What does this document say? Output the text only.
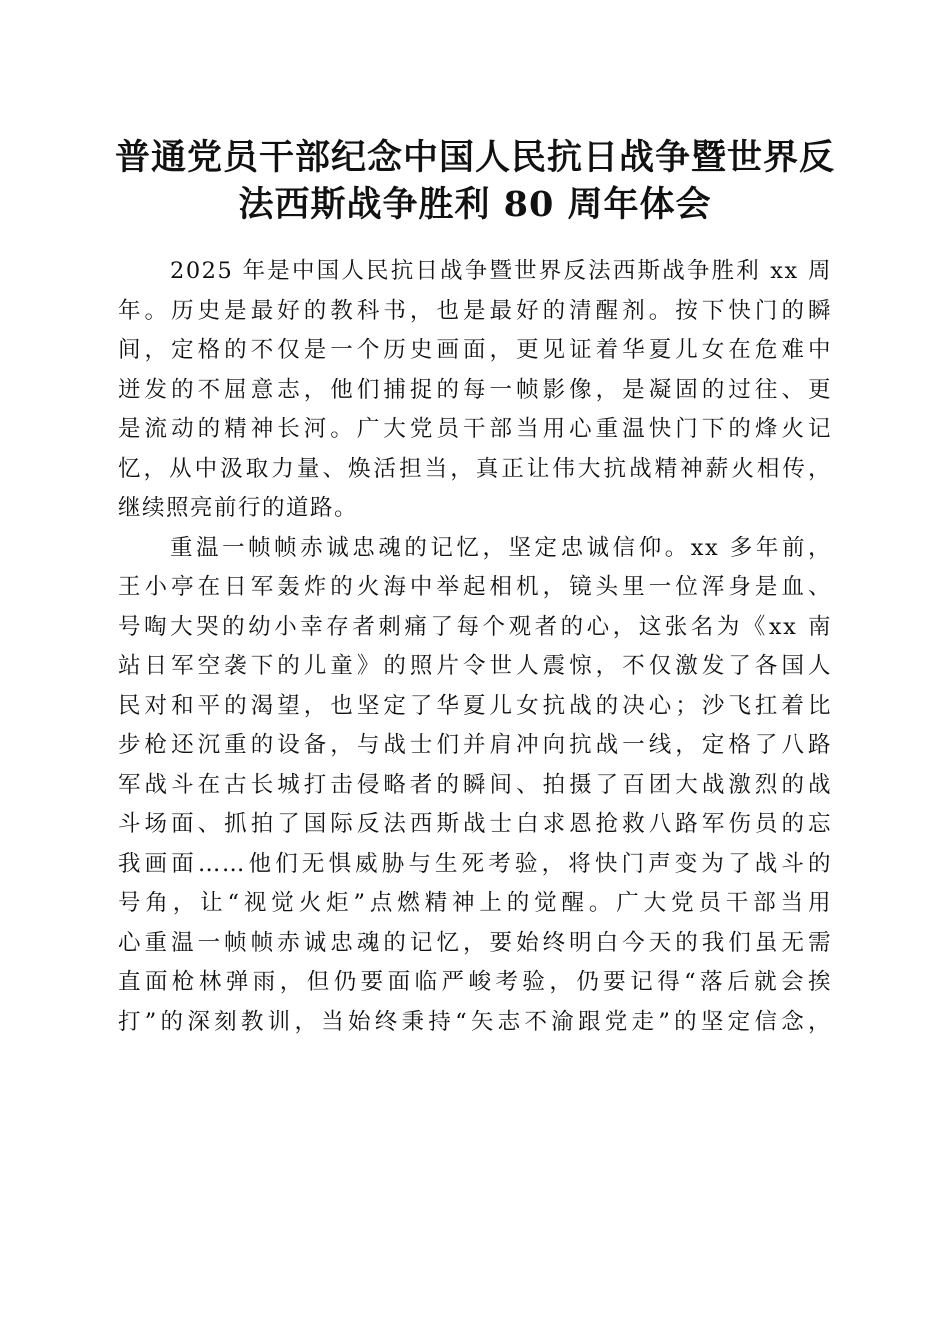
普通党员干部纪念中国人民抗日战争暨世界反
法西斯战争胜利 80 周年体会

2025 年是中国人民抗日战争暨世界反法西斯战争胜利 xx 周
年。历史是最好的教科书，也是最好的清醒剂。按下快门的瞬
间，定格的不仅是一个历史画面，更见证着华夏儿女在危难中
迸发的不屈意志，他们捕捉的每一帧影像，是凝固的过往、更
是流动的精神长河。广大党员干部当用心重温快门下的烽火记
忆，从中汲取力量、焕活担当，真正让伟大抗战精神薪火相传，
继续照亮前行的道路。

重温一帧帧赤诚忠魂的记忆，坚定忠诚信仰。xx 多年前，
王小亭在日军轰炸的火海中举起相机，镜头里一位浑身是血、
号啕大哭的幼小幸存者刺痛了每个观者的心，这张名为《xx 南
站日军空袭下的儿童》的照片令世人震惊，不仅激发了各国人
民对和平的渴望，也坚定了华夏儿女抗战的决心；沙飞扛着比
步枪还沉重的设备，与战士们并肩冲向抗战一线，定格了八路
军战斗在古长城打击侵略者的瞬间、拍摄了百团大战激烈的战
斗场面、抓拍了国际反法西斯战士白求恩抢救八路军伤员的忘
我画面……他们无惧威胁与生死考验，将快门声变为了战斗的
号角，让“视觉火炬”点燃精神上的觉醒。广大党员干部当用
心重温一帧帧赤诚忠魂的记忆，要始终明白今天的我们虽无需
直面枪林弹雨，但仍要面临严峻考验，仍要记得“落后就会挨
打”的深刻教训，当始终秉持“矢志不渝跟党走”的坚定信念，
